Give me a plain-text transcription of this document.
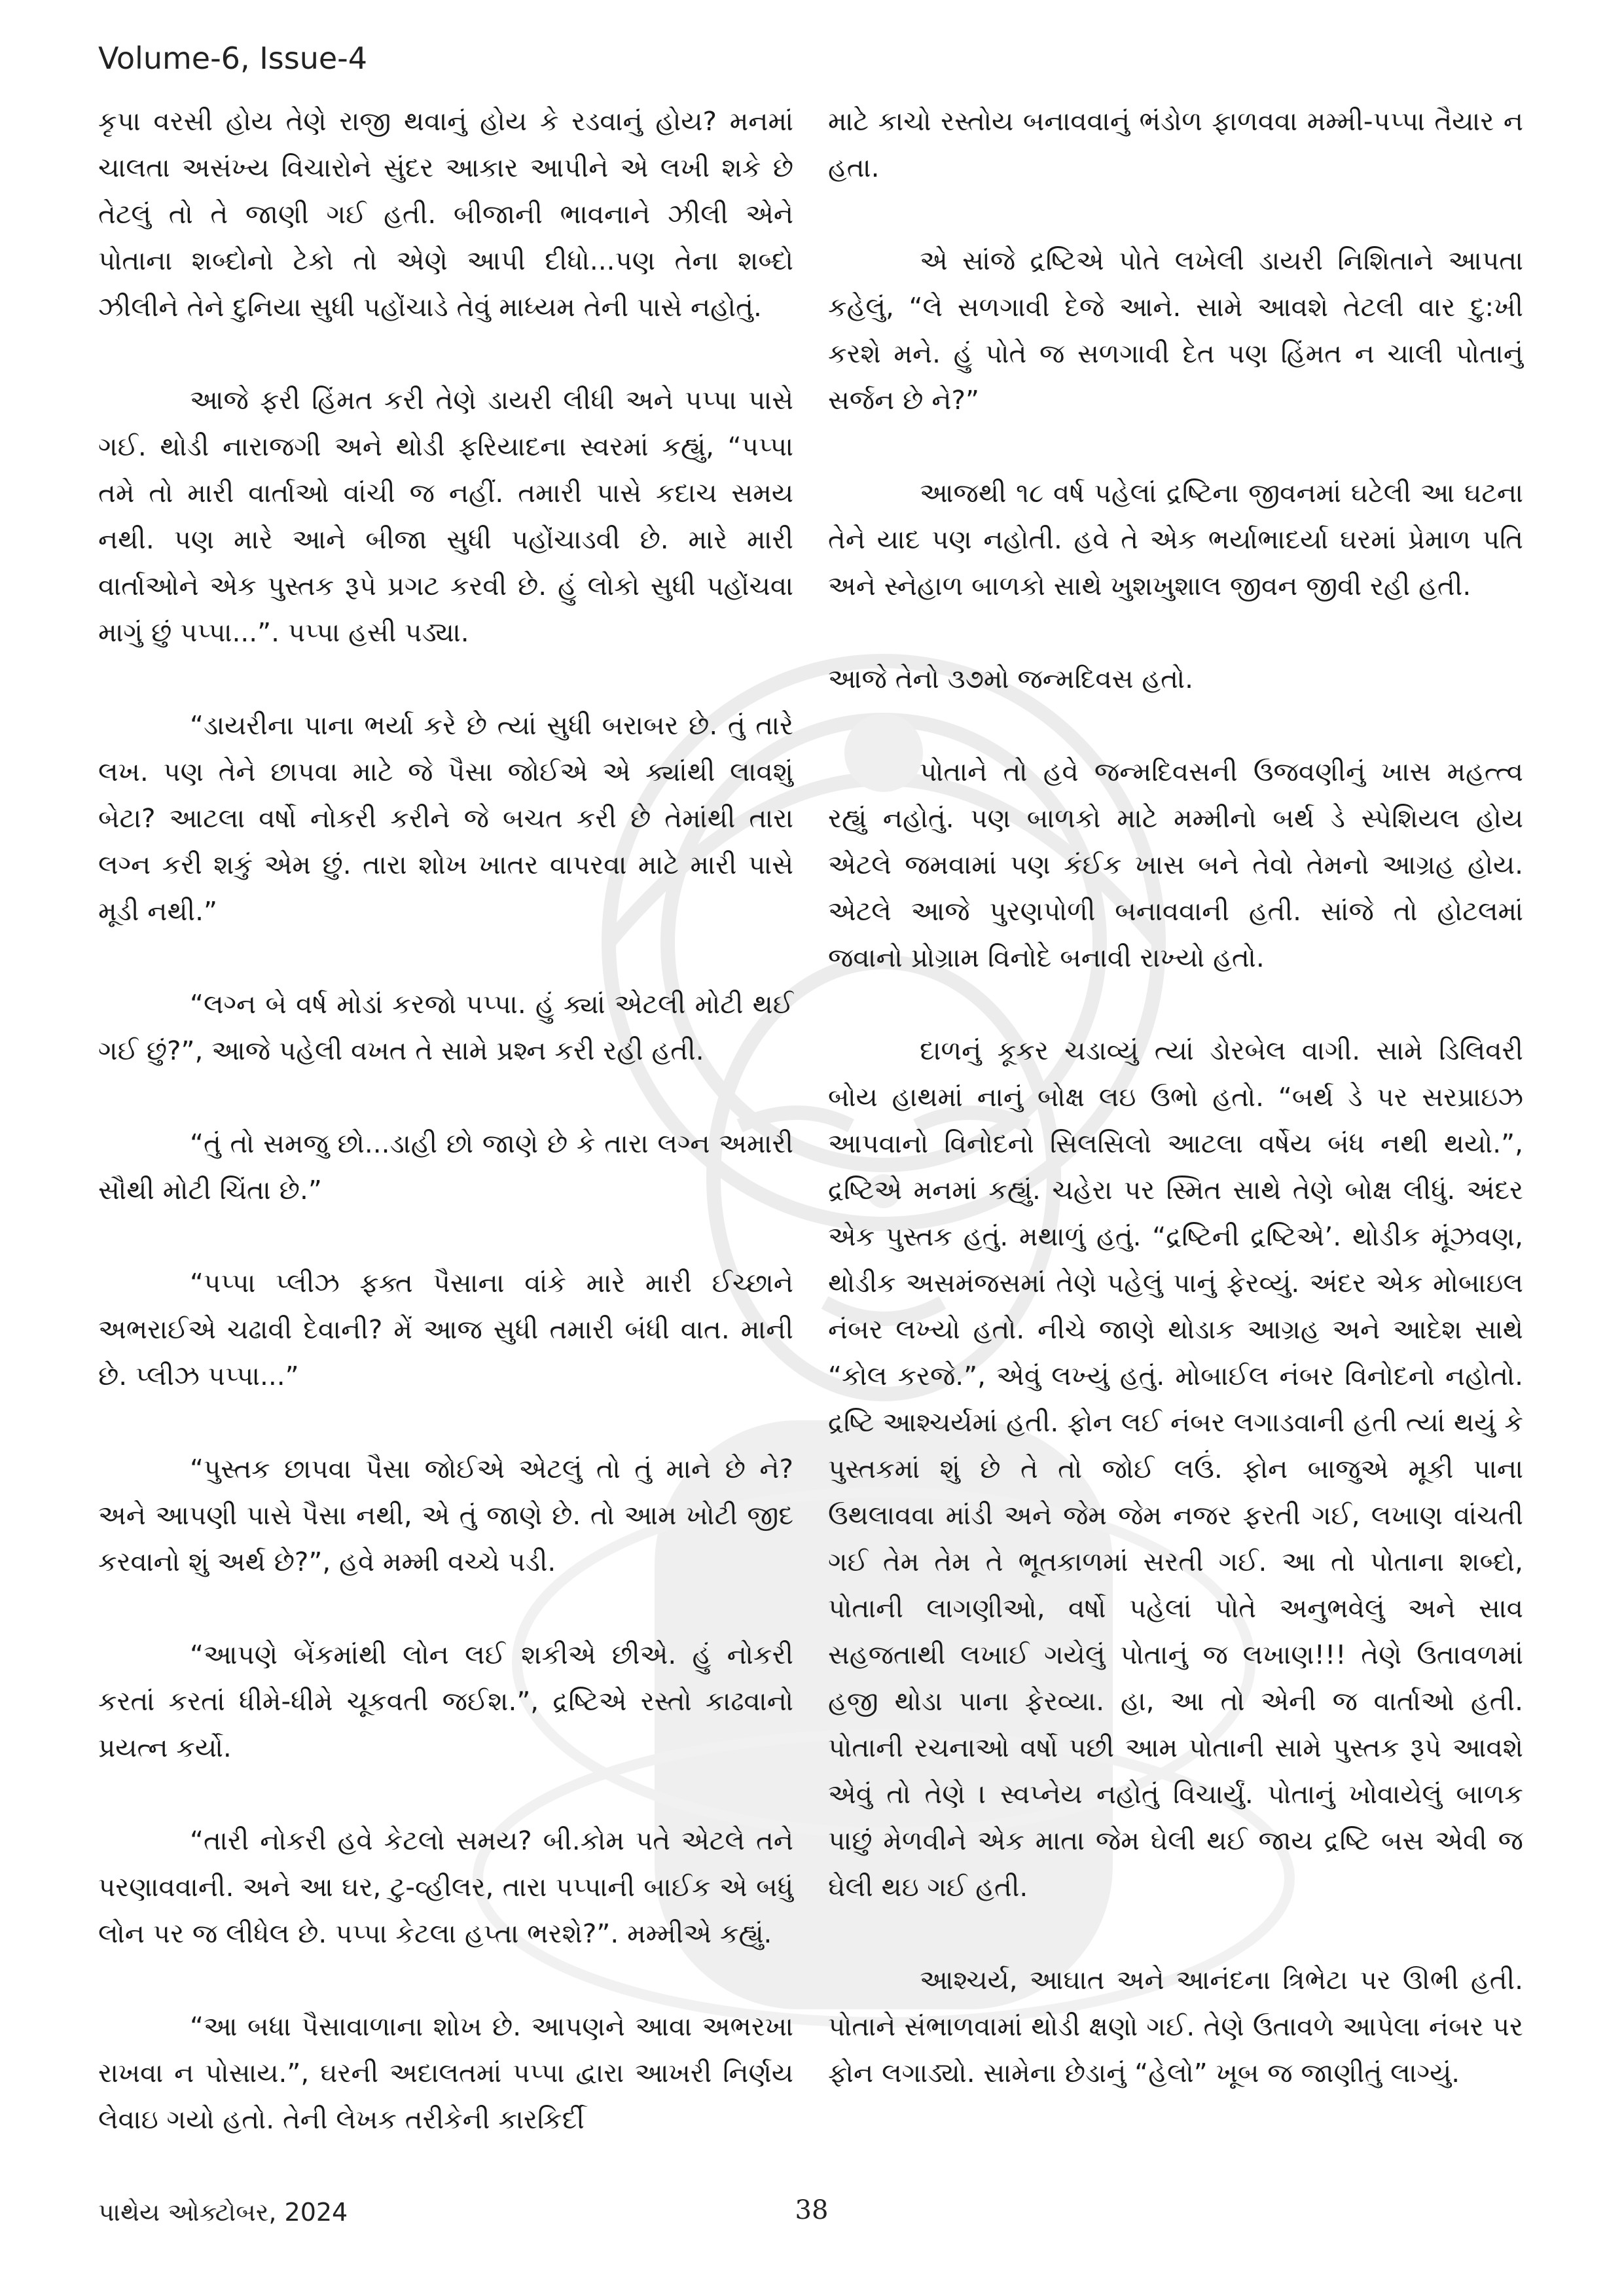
Volume-6, Issue-4

કૃપા વરસી હોય તેણે રાજી થવાનું હોય કે રડવાનું હોય? મનમાં ચાલતા અસંખ્ય વિચારોને સુંદર આકાર આપીને એ લખી શકે છે તેટલું તો તે જાણી ગઈ હતી. બીજાની ભાવનાને ઝીલી એને પોતાના શબ્દોનો ટેકો તો એણે આપી દીધો...પણ તેના શબ્દો ઝીલીને તેને દુનિયા સુધી પહોંચાડે તેવું માધ્યમ તેની પાસે નહોતું.

આજે ફરી હિંમત કરી તેણે ડાયરી લીધી અને પપ્પા પાસે ગઈ. થોડી નારાજગી અને થોડી ફરિયાદના સ્વરમાં કહ્યું, “પપ્પા તમે તો મારી વાર્તાઓ વાંચી જ નહીં. તમારી પાસે કદાચ સમય નથી. પણ મારે આને બીજા સુધી પહોંચાડવી છે. મારે મારી વાર્તાઓને એક પુસ્તક રૂપે પ્રગટ કરવી છે. હું લોકો સુધી પહોંચવા માગું છું પપ્પા...”. પપ્પા હસી પડ્યા.

“ડાયરીના પાના ભર્યા કરે છે ત્યાં સુધી બરાબર છે. તું તારે લખ. પણ તેને છાપવા માટે જે પૈસા જોઈએ એ ક્યાંથી લાવશું બેટા? આટલા વર્ષો નોકરી કરીને જે બચત કરી છે તેમાંથી તારા લગ્ન કરી શકું એમ છું. તારા શોખ ખાતર વાપરવા માટે મારી પાસે મૂડી નથી.”

“લગ્ન બે વર્ષ મોડાં કરજો પપ્પા. હું ક્યાં એટલી મોટી થઈ ગઈ છું?”, આજે પહેલી વખત તે સામે પ્રશ્ન કરી રહી હતી.

“તું તો સમજુ છો...ડાહી છો જાણે છે કે તારા લગ્ન અમારી સૌથી મોટી ચિંતા છે.”

“પપ્પા પ્લીઝ ફક્ત પૈસાના વાંકે મારે મારી ઈચ્છાને અભરાઈએ ચઢાવી દેવાની? મેં આજ સુધી તમારી બંધી વાત. માની છે. પ્લીઝ પપ્પા...”

“પુસ્તક છાપવા પૈસા જોઈએ એટલું તો તું માને છે ને? અને આપણી પાસે પૈસા નથી, એ તું જાણે છે. તો આમ ખોટી જીદ કરવાનો શું અર્થ છે?”, હવે મમ્મી વચ્ચે પડી.

“આપણે બેંકમાંથી લોન લઈ શકીએ છીએ. હું નોકરી કરતાં કરતાં ધીમે-ધીમે ચૂકવતી જઈશ.”, દ્રષ્ટિએ રસ્તો કાઢવાનો પ્રયત્ન કર્યો.

“તારી નોકરી હવે કેટલો સમય? બી.કોમ પતે એટલે તને પરણાવવાની. અને આ ઘર, ટુ-વ્હીલર, તારા પપ્પાની બાઈક એ બધું લોન પર જ લીધેલ છે. પપ્પા કેટલા હપ્તા ભરશે?”. મમ્મીએ કહ્યું.

“આ બધા પૈસાવાળાના શોખ છે. આપણને આવા અભરખા રાખવા ન પોસાય.”, ઘરની અદાલતમાં પપ્પા દ્વારા આખરી નિર્ણય લેવાઇ ગયો હતો. તેની લેખક તરીકેની કારકિર્દી

માટે કાચો રસ્તોય બનાવવાનું ભંડોળ ફાળવવા મમ્મી-પપ્પા તૈયાર ન હતા.

એ સાંજે દ્રષ્ટિએ પોતે લખેલી ડાયરી નિશિતાને આપતા કહેલું, “લે સળગાવી દેજે આને. સામે આવશે તેટલી વાર દુ:ખી કરશે મને. હું પોતે જ સળગાવી દેત પણ હિંમત ન ચાલી પોતાનું સર્જન છે ને?”

આજથી ૧૮ વર્ષ પહેલાં દ્રષ્ટિના જીવનમાં ઘટેલી આ ઘટના તેને યાદ પણ નહોતી. હવે તે એક ભર્યાભાદર્યા ઘરમાં પ્રેમાળ પતિ અને સ્નેહાળ બાળકો સાથે ખુશખુશાલ જીવન જીવી રહી હતી.

આજે તેનો ૩૭મો જન્મદિવસ હતો.

પોતાને તો હવે જન્મદિવસની ઉજવણીનું ખાસ મહત્ત્વ રહ્યું નહોતું. પણ બાળકો માટે મમ્મીનો બર્થ ડે સ્પેશિયલ હોય એટલે જમવામાં પણ કંઈક ખાસ બને તેવો તેમનો આગ્રહ હોય. એટલે આજે પુરણપોળી બનાવવાની હતી. સાંજે તો હોટલમાં જવાનો પ્રોગ્રામ વિનોદે બનાવી રાખ્યો હતો.

દાળનું કૂકર ચડાવ્યું ત્યાં ડોરબેલ વાગી. સામે ડિલિવરી બોય હાથમાં નાનું બોક્ષ લઇ ઉભો હતો. “બર્થ ડે પર સરપ્રાઇઝ આપવાનો વિનોદનો સિલસિલો આટલા વર્ષેય બંધ નથી થયો.”, દ્રષ્ટિએ મનમાં કહ્યું. ચહેરા પર સ્મિત સાથે તેણે બોક્ષ લીધું. અંદર એક પુસ્તક હતું. મથાળું હતું. “દ્રષ્ટિની દ્રષ્ટિએ’. થોડીક મૂંઝવણ, થોડીક અસમંજસમાં તેણે પહેલું પાનું ફેરવ્યું. અંદર એક મોબાઇલ નંબર લખ્યો હતો. નીચે જાણે થોડાક આગ્રહ અને આદેશ સાથે “કોલ કરજે.”, એવું લખ્યું હતું. મોબાઈલ નંબર વિનોદનો નહોતો. દ્રષ્ટિ આશ્ચર્યમાં હતી. ફોન લઈ નંબર લગાડવાની હતી ત્યાં થયું કે પુસ્તકમાં શું છે તે તો જોઈ લઉં. ફોન બાજુએ મૂકી પાના ઉથલાવવા માંડી અને જેમ જેમ નજર ફરતી ગઈ, લખાણ વાંચતી ગઈ તેમ તેમ તે ભૂતકાળમાં સરતી ગઈ. આ તો પોતાના શબ્દો, પોતાની લાગણીઓ, વર્ષો પહેલાં પોતે અનુભવેલું અને સાવ સહજતાથી લખાઈ ગયેલું પોતાનું જ લખાણ!!! તેણે ઉતાવળમાં હજી થોડા પાના ફેરવ્યા. હા, આ તો એની જ વાર્તાઓ હતી. પોતાની રચનાઓ વર્ષો પછી આમ પોતાની સામે પુસ્તક રૂપે આવશે એવું તો તેણે । સ્વપ્નેય નહોતું વિચાર્યું. પોતાનું ખોવાયેલું બાળક પાછું મેળવીને એક માતા જેમ ઘેલી થઈ જાય દ્રષ્ટિ બસ એવી જ ઘેલી થઇ ગઈ હતી.

આશ્ચર્ય, આઘાત અને આનંદના ત્રિભેટા પર ઊભી હતી. પોતાને સંભાળવામાં થોડી ક્ષણો ગઈ. તેણે ઉતાવળે આપેલા નંબર પર ફોન લગાડ્યો. સામેના છેડાનું “હેલો” ખૂબ જ જાણીતું લાગ્યું.

પાથેય ઓક્ટોબર, 2024	38
